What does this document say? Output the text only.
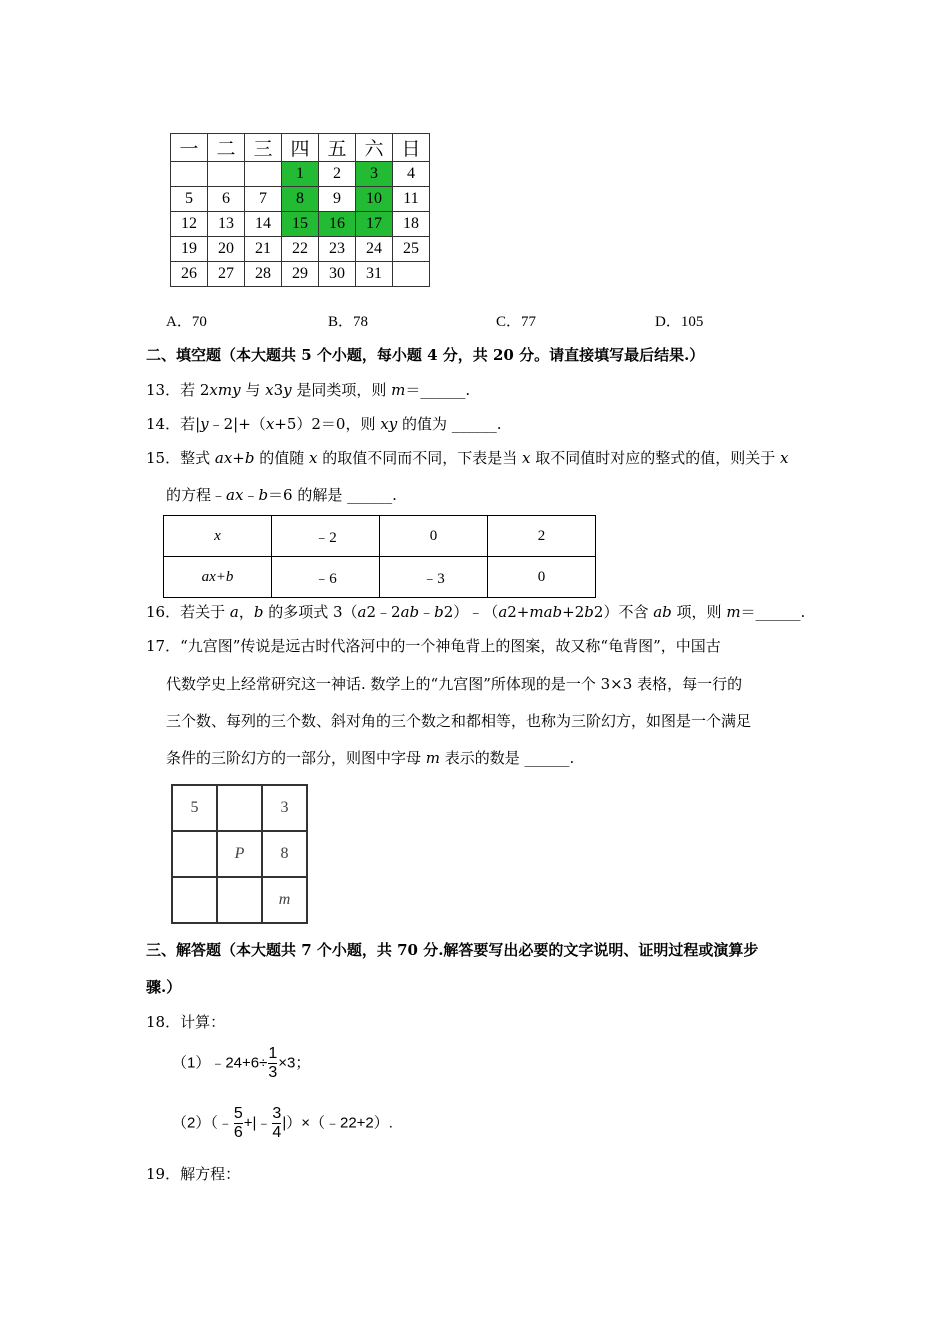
一	二	三	四	五	六	日
			1	2	3	4
5	6	7	8	9	10	11
12	13	14	15	16	17	18
19	20	21	22	23	24	25
26	27	28	29	30	31	
A．70	B．78	C．77	D．105
二、填空题（本大题共 5 个小题，每小题 4 分，共 20 分。请直接填写最后结果.）
13．若 2xmy 与 x3y 是同类项，则 m＝______.
14．若|y﹣2|+（x+5）2＝0，则 xy 的值为 ______.
15．整式 ax+b 的值随 x 的取值不同而不同，下表是当 x 取不同值时对应的整式的值，则关于 x
的方程﹣ax﹣b＝6 的解是 ______.
x	﹣2	0	2
ax+b	﹣6	﹣3	0
16．若关于 a，b 的多项式 3（a2﹣2ab﹣b2）﹣（a2+mab+2b2）不含 ab 项，则 m＝______.
17．“九宫图”传说是远古时代洛河中的一个神龟背上的图案，故又称“龟背图”，中国古
代数学史上经常研究这一神话. 数学上的“九宫图”所体现的是一个 3×3 表格，每一行的
三个数、每列的三个数、斜对角的三个数之和都相等，也称为三阶幻方，如图是一个满足
条件的三阶幻方的一部分，则图中字母 m 表示的数是 ______.
5		3
	P	8
		m
三、解答题（本大题共 7 个小题，共 70 分.解答要写出必要的文字说明、证明过程或演算步
骤.）
18．计算：
（1）﹣24+6÷ $\frac{1}{3} \times 3$；
（2）（﹣ $\frac{5}{6}$ +|﹣ $\frac{3}{4}$ |）×（﹣22+2）.
19．解方程：
